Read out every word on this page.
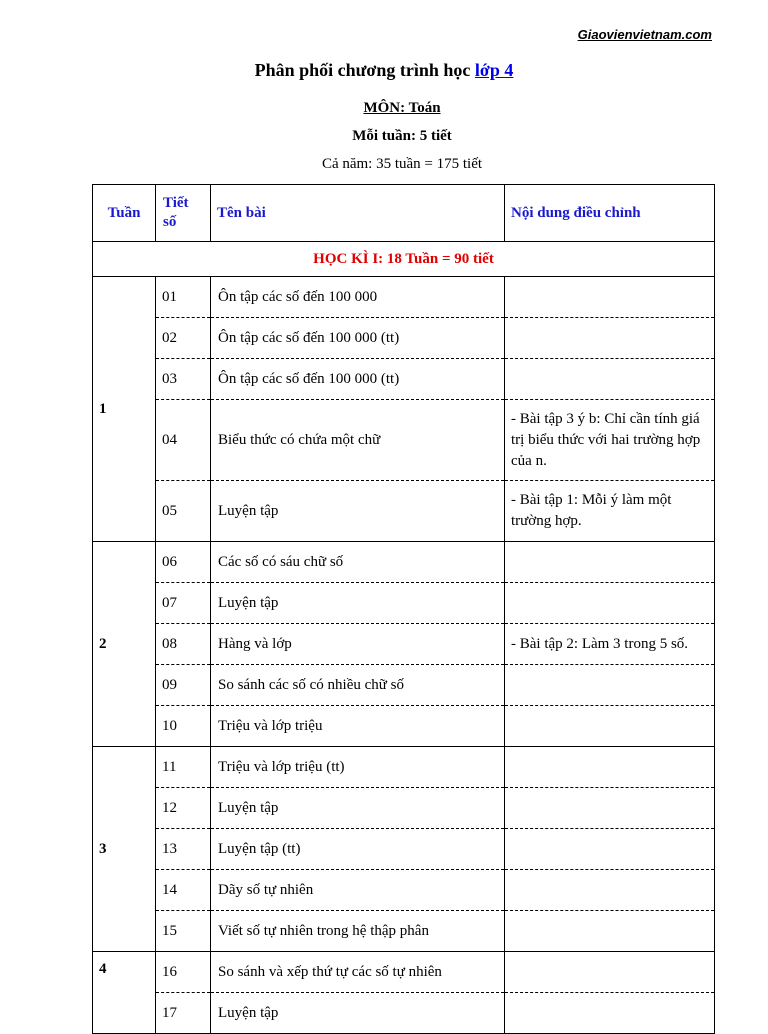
Giaovienvietnam.com
Phân phối chương trình học lớp 4
MÔN: Toán
Mỗi tuần: 5 tiết
Cả năm: 35 tuần = 175 tiết
Tuần	Tiết số	Tên bài	Nội dung điều chỉnh
HỌC KÌ I: 18 Tuần = 90 tiết			
1	01	Ôn tập các số đến 100 000	
	02	Ôn tập các số đến 100 000 (tt)	
	03	Ôn tập các số đến 100 000 (tt)	
	04	Biểu thức có chứa một chữ	- Bài tập 3 ý b: Chỉ cần tính giá trị biểu thức với hai trường hợp của n.
	05	Luyện tập	- Bài tập 1: Mỗi ý làm một trường hợp.
2	06	Các số có sáu chữ số	
	07	Luyện tập	
	08	Hàng và lớp	- Bài tập 2: Làm 3 trong 5 số.
	09	So sánh các số có nhiều chữ số	
	10	Triệu và lớp triệu	
3	11	Triệu và lớp triệu (tt)	
	12	Luyện tập	
	13	Luyện tập (tt)	
	14	Dãy số tự nhiên	
	15	Viết số tự nhiên trong hệ thập phân	
4	16	So sánh và xếp thứ tự các số tự nhiên	
	17	Luyện tập	
